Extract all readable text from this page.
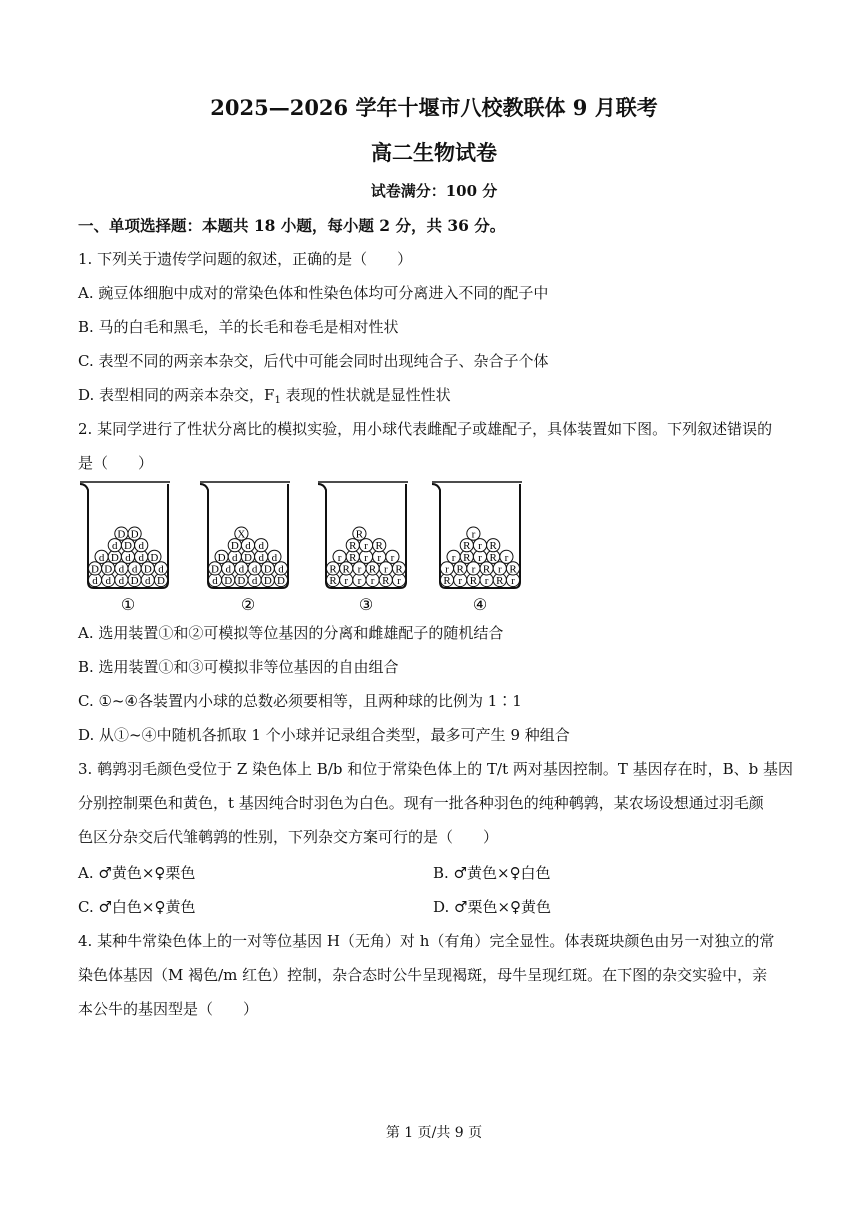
2025—2026 学年十堰市八校教联体 9 月联考
高二生物试卷
试卷满分：100 分
一、单项选择题：本题共 18 小题，每小题 2 分，共 36 分。
1. 下列关于遗传学问题的叙述，正确的是（　　）
A. 豌豆体细胞中成对的常染色体和性染色体均可分离进入不同的配子中
B. 马的白毛和黑毛，羊的长毛和卷毛是相对性状
C. 表型不同的两亲本杂交，后代中可能会同时出现纯合子、杂合子个体
D. 表型相同的两亲本杂交，$F_1$ 表现的性状就是显性性状
2. 某同学进行了性状分离比的模拟实验，用小球代表雌配子或雄配子，具体装置如下图。下列叙述错误的
是（　　）
d d d D d D
D D d d D d
d D d d D
d D d
D D
①
d D D d D D
D d d d D d
D d D d d
D d d
X
②
R r r r R r
R R r R r R
r R r r r
R r R
R
③
R r R r R r
r R r R r R
r R r R r
R r R
r
④
A. 选用装置①和②可模拟等位基因的分离和雌雄配子的随机结合
B. 选用装置①和③可模拟非等位基因的自由组合
C. ①~④各装置内小球的总数必须要相等，且两种球的比例为 1∶1
D. 从①~④中随机各抓取 1 个小球并记录组合类型，最多可产生 9 种组合
3. 鹌鹑羽毛颜色受位于 Z 染色体上 B/b 和位于常染色体上的 T/t 两对基因控制。T 基因存在时，B、b 基因
分别控制栗色和黄色，t 基因纯合时羽色为白色。现有一批各种羽色的纯种鹌鹑，某农场设想通过羽毛颜
色区分杂交后代雏鹌鹑的性别，下列杂交方案可行的是（　　）
A. ♂黄色×♀栗色	B. ♂黄色×♀白色
C. ♂白色×♀黄色	D. ♂栗色×♀黄色
4. 某种牛常染色体上的一对等位基因 H（无角）对 h（有角）完全显性。体表斑块颜色由另一对独立的常
染色体基因（M 褐色/m 红色）控制，杂合态时公牛呈现褐斑，母牛呈现红斑。在下图的杂交实验中，亲
本公牛的基因型是（　　）
第 1 页/共 9 页
